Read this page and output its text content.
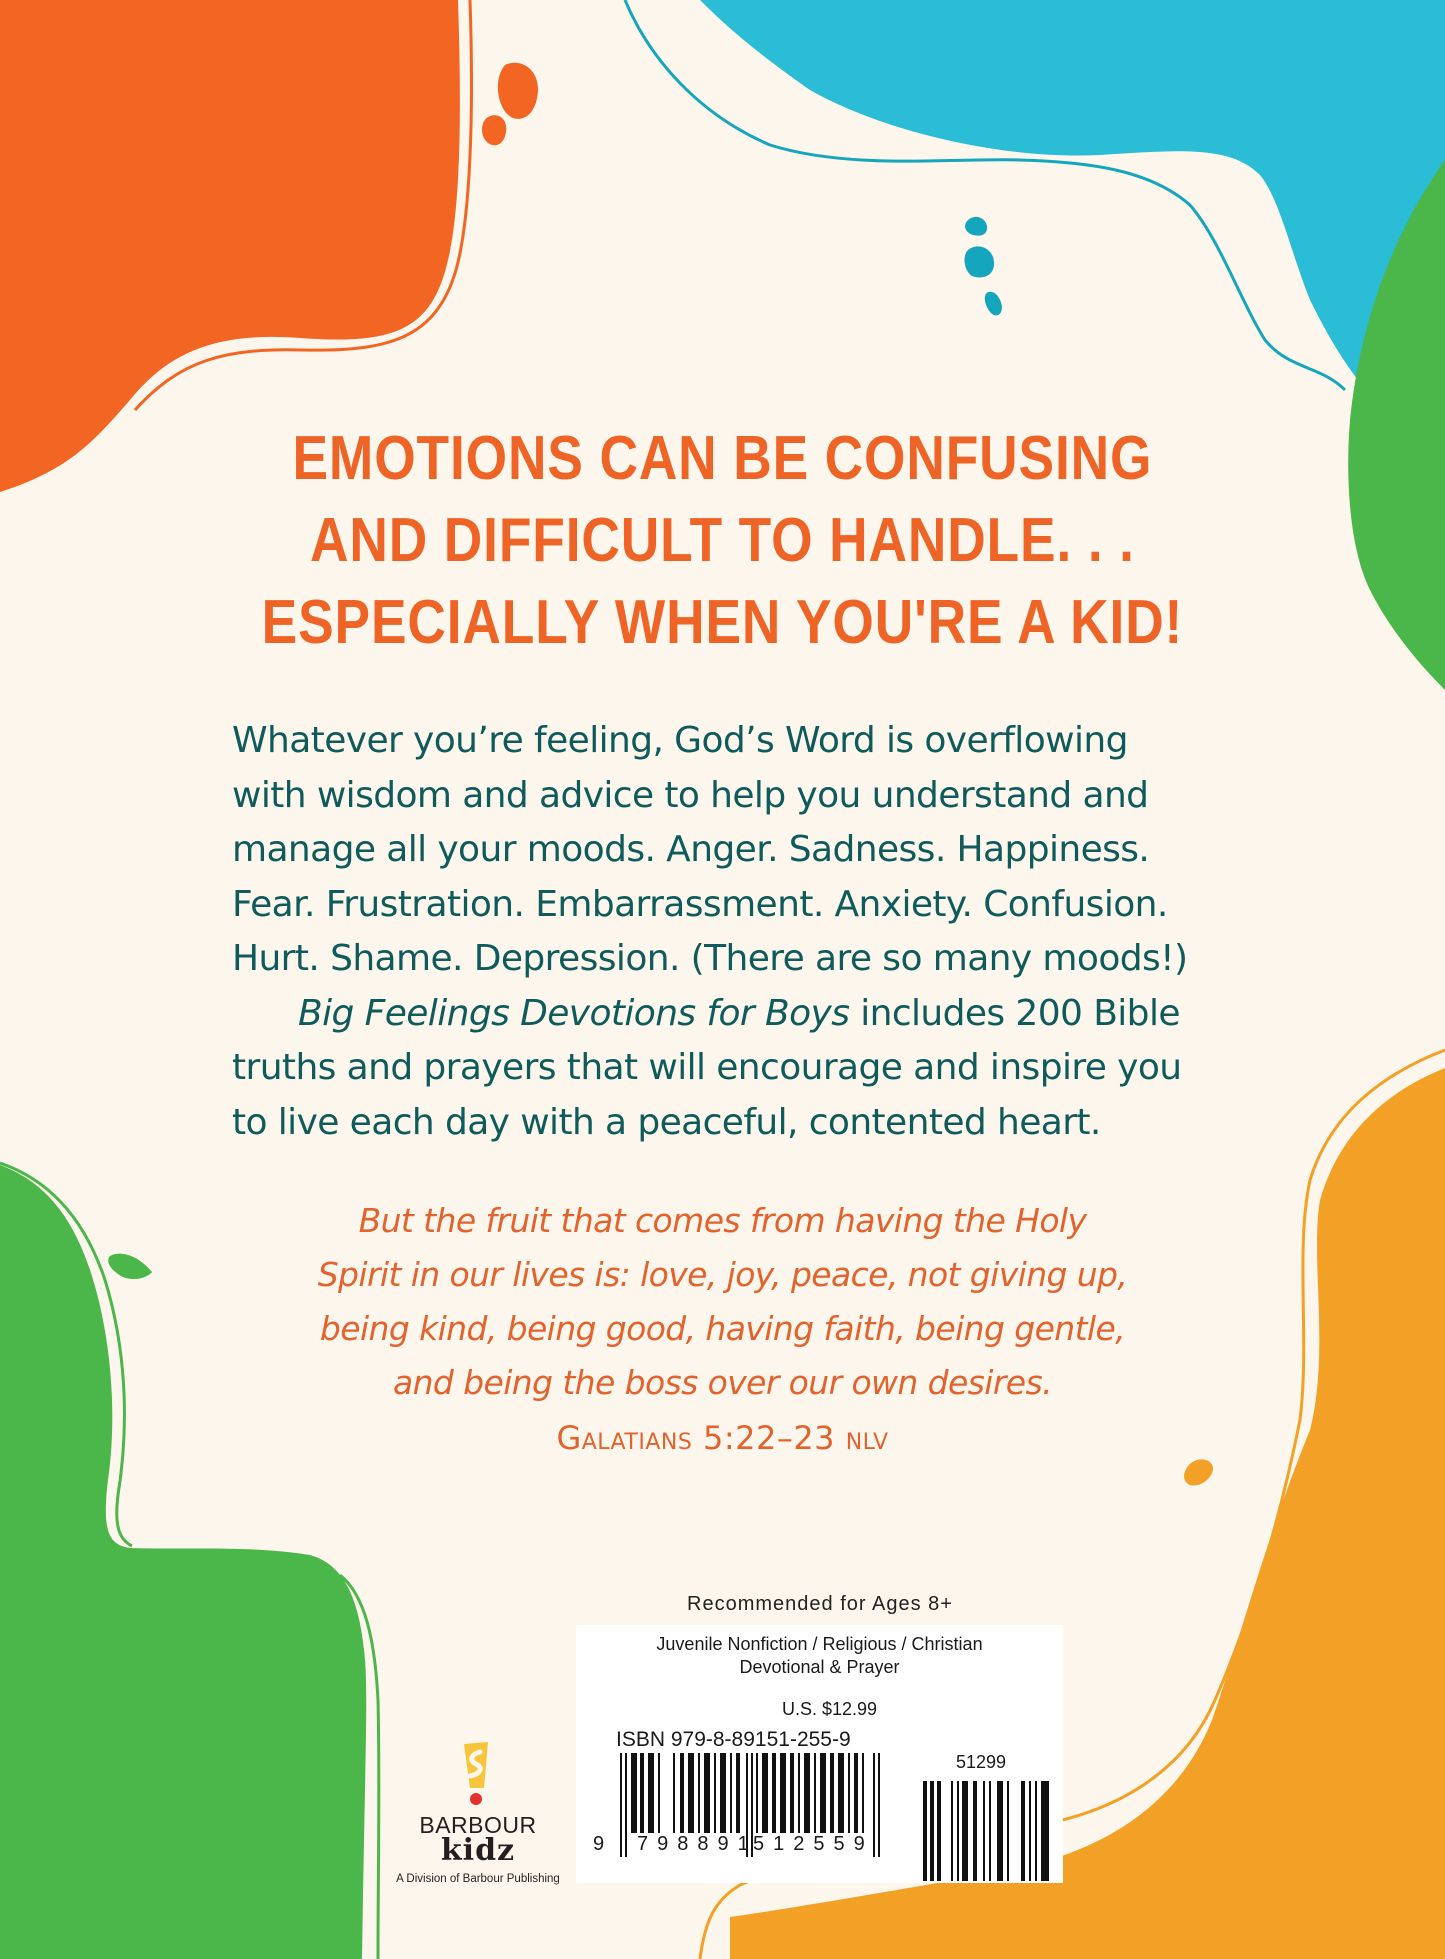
EMOTIONS CAN BE CONFUSING
AND DIFFICULT TO HANDLE. . .
ESPECIALLY WHEN YOU'RE A KID!
Whatever you’re feeling, God’s Word is overflowing
with wisdom and advice to help you understand and
manage all your moods. Anger. Sadness. Happiness.
Fear. Frustration. Embarrassment. Anxiety. Confusion.
Hurt. Shame. Depression. (There are so many moods!)
Big Feelings Devotions for Boys includes 200 Bible
truths and prayers that will encourage and inspire you
to live each day with a peaceful, contented heart.
But the fruit that comes from having the Holy
Spirit in our lives is: love, joy, peace, not giving up,
being kind, being good, having faith, being gentle,
and being the boss over our own desires.
Galatians 5:22–23 nlv
Recommended for Ages 8+
Juvenile Nonfiction / Religious / Christian
Devotional & Prayer
U.S. $12.99
ISBN 979-8-89151-255-9
9 798891
512559
51299
BARBOUR
kidz
A Division of Barbour Publishing
